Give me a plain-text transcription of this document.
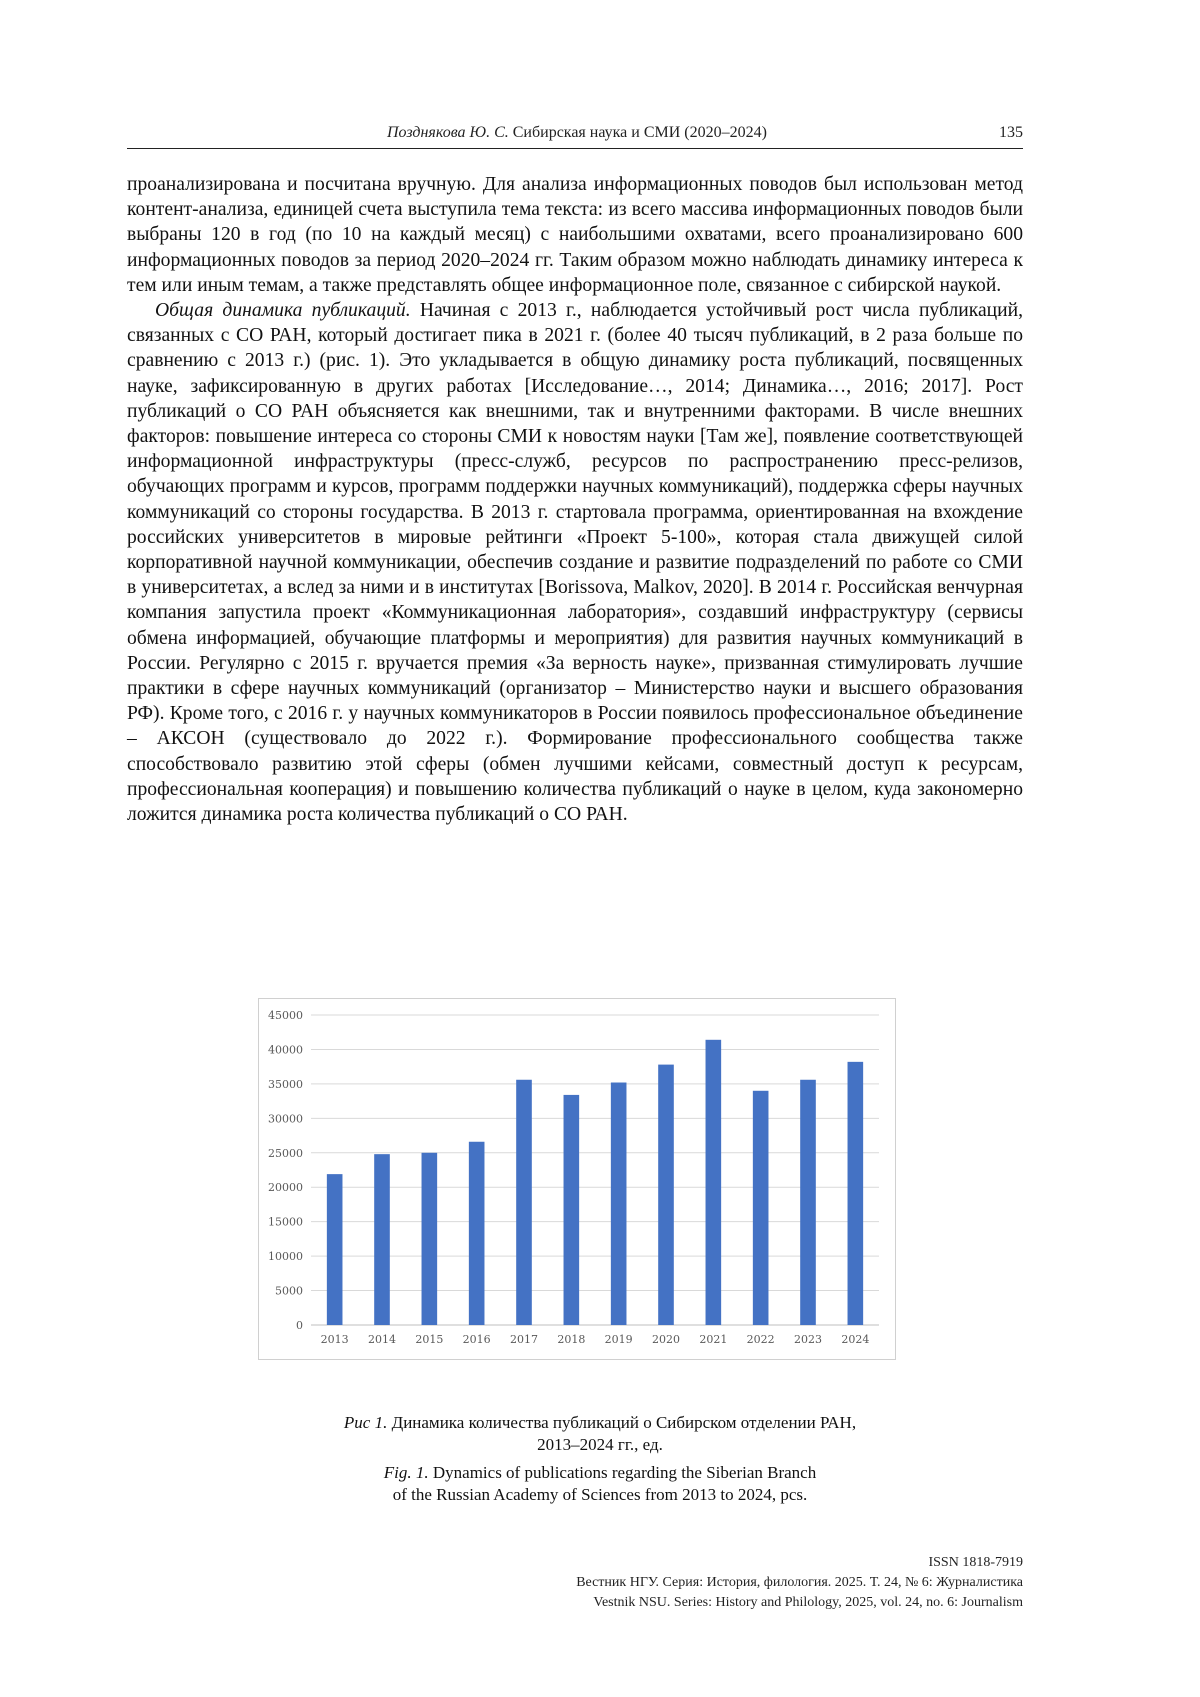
Позднякова Ю. С. Сибирская наука и СМИ (2020–2024)	135

проанализирована и посчитана вручную. Для анализа информационных поводов был использован метод контент-анализа, единицей счета выступила тема текста: из всего массива информационных поводов были выбраны 120 в год (по 10 на каждый месяц) с наибольшими охватами, всего проанализировано 600 информационных поводов за период 2020–2024 гг. Таким образом можно наблюдать динамику интереса к тем или иным темам, а также представлять общее информационное поле, связанное с сибирской наукой.

Общая динамика публикаций. Начиная с 2013 г., наблюдается устойчивый рост числа публикаций, связанных с СО РАН, который достигает пика в 2021 г. (более 40 тысяч публикаций, в 2 раза больше по сравнению с 2013 г.) (рис. 1). Это укладывается в общую динамику роста публикаций, посвященных науке, зафиксированную в других работах [Исследование…, 2014; Динамика…, 2016; 2017]. Рост публикаций о СО РАН объясняется как внешними, так и внутренними факторами. В числе внешних факторов: повышение интереса со стороны СМИ к новостям науки [Там же], появление соответствующей информационной инфраструктуры (пресс-служб, ресурсов по распространению пресс-релизов, обучающих программ и курсов, программ поддержки научных коммуникаций), поддержка сферы научных коммуникаций со стороны государства. В 2013 г. стартовала программа, ориентированная на вхождение российских университетов в мировые рейтинги «Проект 5-100», которая стала движущей силой корпоративной научной коммуникации, обеспечив создание и развитие подразделений по работе со СМИ в университетах, а вслед за ними и в институтах [Borissova, Malkov, 2020]. В 2014 г. Российская венчурная компания запустила проект «Коммуникационная лаборатория», создавший инфраструктуру (сервисы обмена информацией, обучающие платформы и мероприятия) для развития научных коммуникаций в России. Регулярно с 2015 г. вручается премия «За верность науке», призванная стимулировать лучшие практики в сфере научных коммуникаций (организатор – Министерство науки и высшего образования РФ). Кроме того, с 2016 г. у научных коммуникаторов в России появилось профессиональное объединение – АКСОН (существовало до 2022 г.). Формирование профессионального сообщества также способствовало развитию этой сферы (обмен лучшими кейсами, совместный доступ к ресурсам, профессиональная кооперация) и повышению количества публикаций о науке в целом, куда закономерно ложится динамика роста количества публикаций о СО РАН.

0
5000
10000
15000
20000
25000
30000
35000
40000
45000
2013 2014 2015 2016 2017 2018 2019 2020 2021 2022 2023 2024
Рис 1. Динамика количества публикаций о Сибирском отделении РАН,
2013–2024 гг., ед.
Fig. 1. Dynamics of publications regarding the Siberian Branch
of the Russian Academy of Sciences from 2013 to 2024, pcs.
ISSN 1818-7919
Вестник НГУ. Серия: История, филология. 2025. Т. 24, № 6: Журналистика
Vestnik NSU. Series: History and Philology, 2025, vol. 24, no. 6: Journalism
